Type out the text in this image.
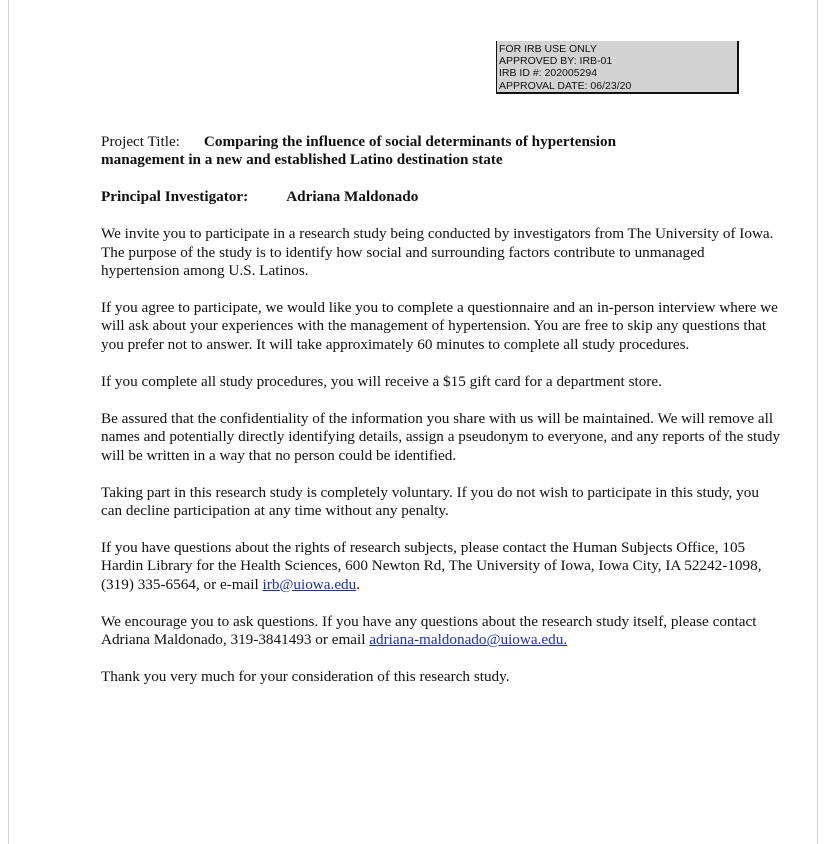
FOR IRB USE ONLY
APPROVED BY: IRB-01
IRB ID #: 202005294
APPROVAL DATE: 06/23/20
Project Title: Comparing the influence of social determinants of hypertension
management in a new and established Latino destination state

Principal Investigator:	Adriana Maldonado

We invite you to participate in a research study being conducted by investigators from The University of Iowa. The purpose of the study is to identify how social and surrounding factors contribute to unmanaged hypertension among U.S. Latinos.

If you agree to participate, we would like you to complete a questionnaire and an in-person interview where we will ask about your experiences with the management of hypertension. You are free to skip any questions that you prefer not to answer. It will take approximately 60 minutes to complete all study procedures.

If you complete all study procedures, you will receive a $15 gift card for a department store.

Be assured that the confidentiality of the information you share with us will be maintained. We will remove all names and potentially directly identifying details, assign a pseudonym to everyone, and any reports of the study will be written in a way that no person could be identified.

Taking part in this research study is completely voluntary. If you do not wish to participate in this study, you can decline participation at any time without any penalty.

If you have questions about the rights of research subjects, please contact the Human Subjects Office, 105 Hardin Library for the Health Sciences, 600 Newton Rd, The University of Iowa, Iowa City, IA 52242-1098, (319) 335-6564, or e-mail irb@uiowa.edu.

We encourage you to ask questions. If you have any questions about the research study itself, please contact Adriana Maldonado, 319-3841493 or email adriana-maldonado@uiowa.edu.

Thank you very much for your consideration of this research study.
